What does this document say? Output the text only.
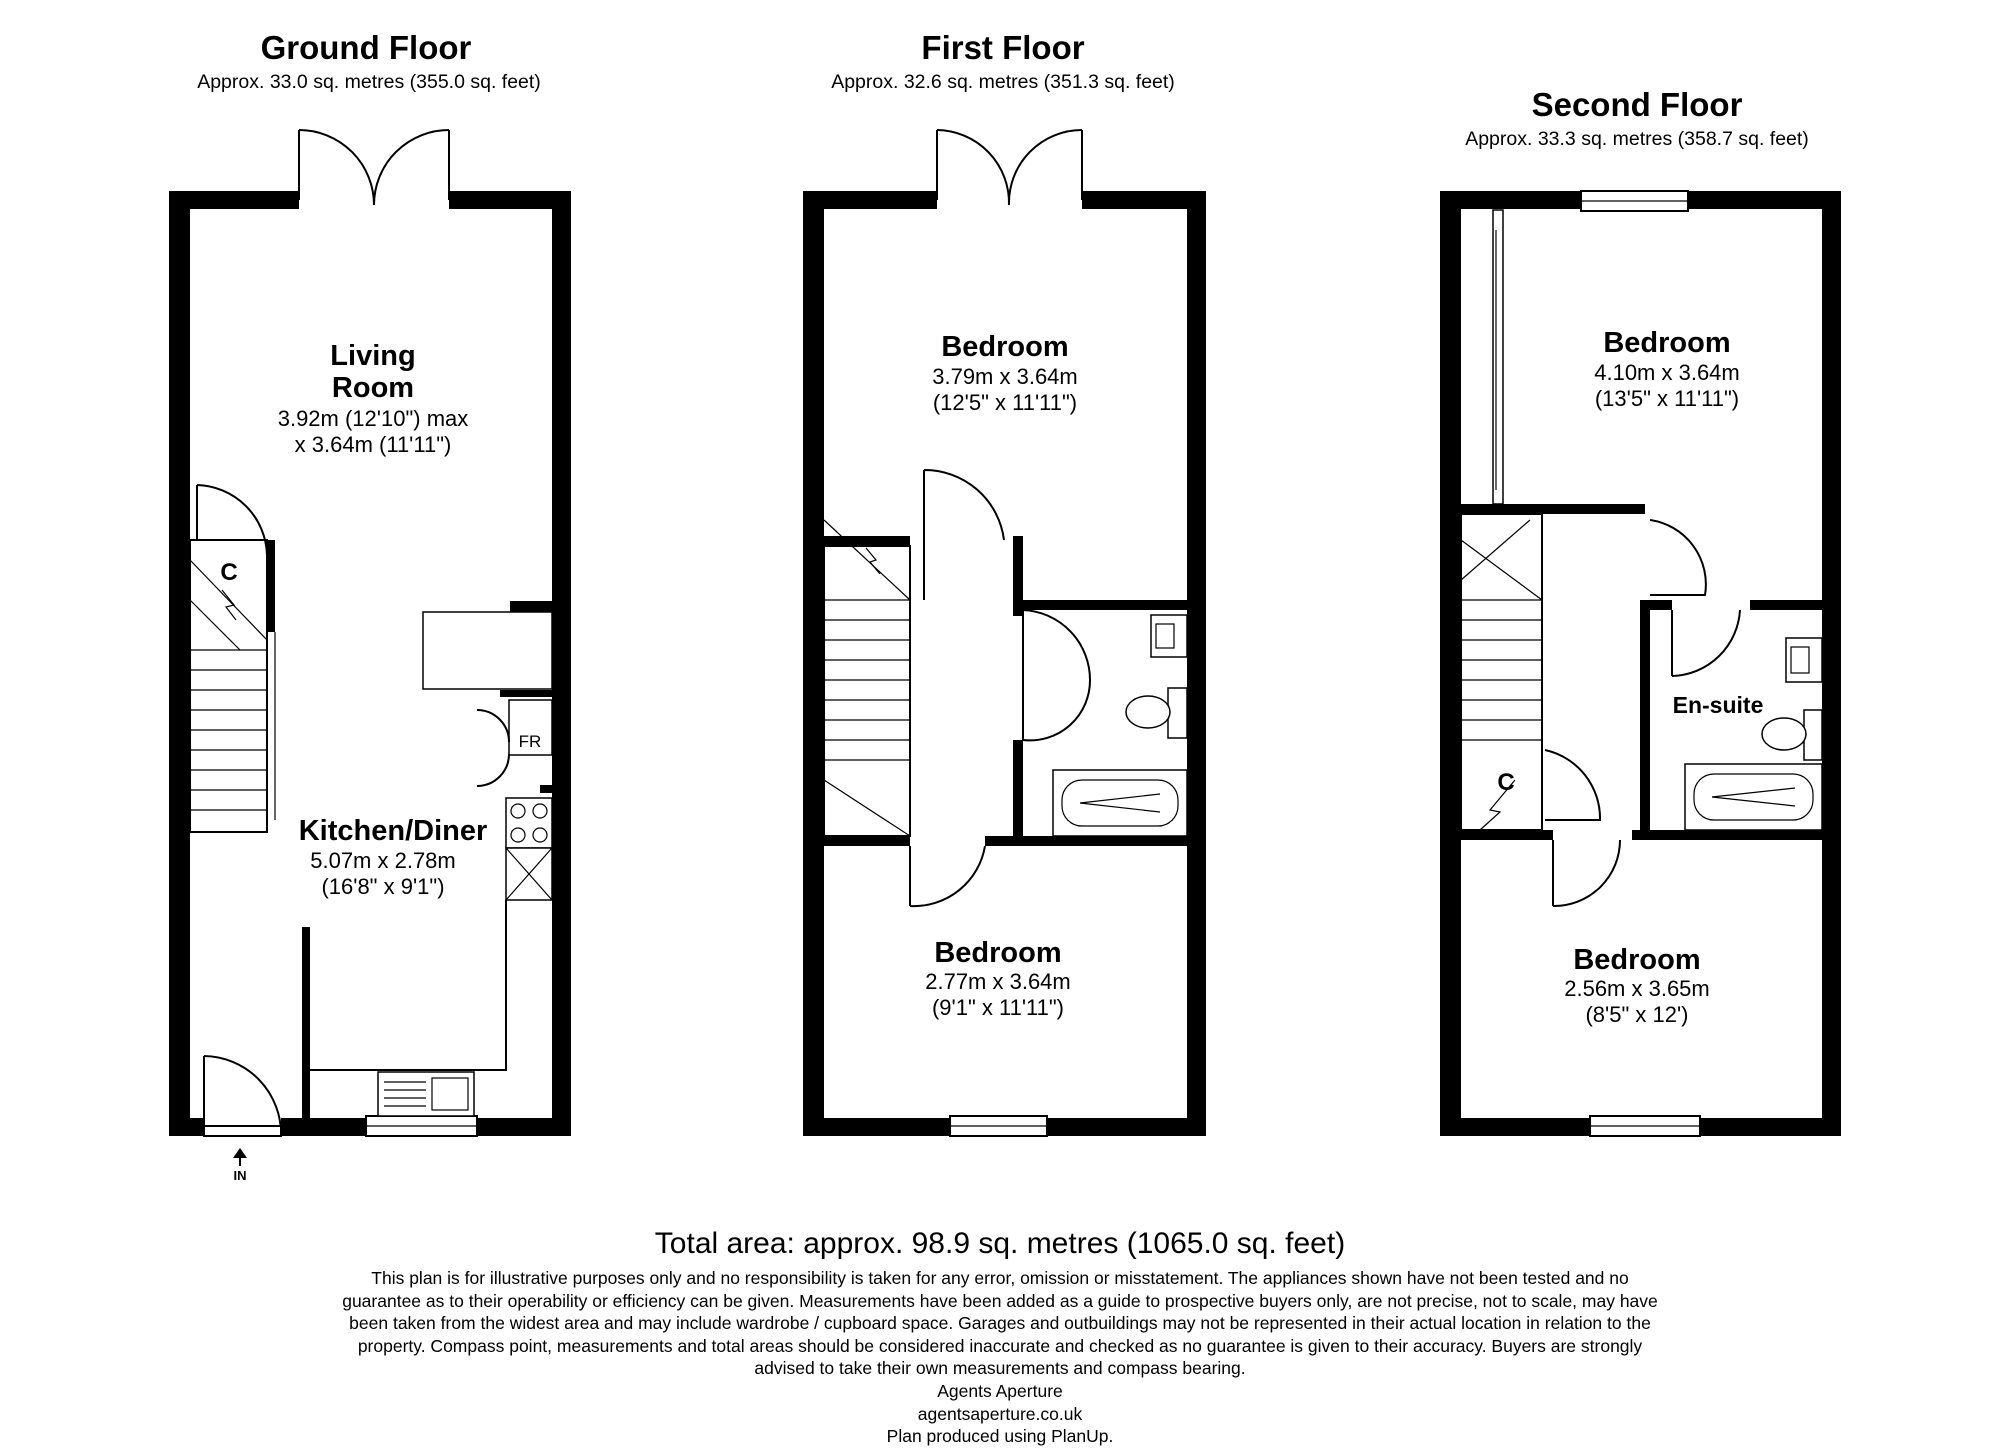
Ground Floor
Approx. 33.0 sq. metres (355.0 sq. feet)
C
FR
IN
Living
Room
3.92m (12'10") max
x 3.64m (11'11")
Kitchen/Diner
5.07m x 2.78m
(16'8" x 9'1")
First Floor
Approx. 32.6 sq. metres (351.3 sq. feet)
Bedroom
3.79m x 3.64m
(12'5" x 11'11")
Bedroom
2.77m x 3.64m
(9'1" x 11'11")
Second Floor
Approx. 33.3 sq. metres (358.7 sq. feet)
C
Bedroom
4.10m x 3.64m
(13'5" x 11'11")
En-suite
Bedroom
2.56m x 3.65m
(8'5" x 12')

Total area: approx. 98.9 sq. metres (1065.0 sq. feet)

This plan is for illustrative purposes only and no responsibility is taken for any error, omission or misstatement. The appliances shown have not been tested and no guarantee as to their operability or efficiency can be given. Measurements have been added as a guide to prospective buyers only, are not precise, not to scale, may have been taken from the widest area and may include wardrobe / cupboard space. Garages and outbuildings may not be represented in their actual location in relation to the property. Compass point, measurements and total areas should be considered inaccurate and checked as no guarantee is given to their accuracy. Buyers are strongly advised to take their own measurements and compass bearing.

Agents Aperture

agentsaperture.co.uk

Plan produced using PlanUp.
